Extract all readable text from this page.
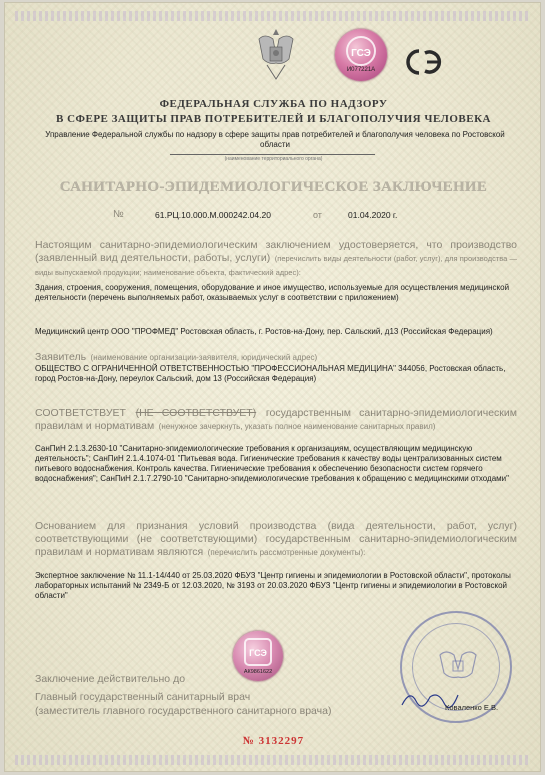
ГСЭ
И077221А
ФЕДЕРАЛЬНАЯ СЛУЖБА ПО НАДЗОРУ
В СФЕРЕ ЗАЩИТЫ ПРАВ ПОТРЕБИТЕЛЕЙ И БЛАГОПОЛУЧИЯ ЧЕЛОВЕКА
Управление Федеральной службы по надзору в сфере защиты прав потребителей и благополучия человека по Ростовской области
(наименование территориального органа)
САНИТАРНО-ЭПИДЕМИОЛОГИЧЕСКОЕ ЗАКЛЮЧЕНИЕ
№	61.РЦ.10.000.М.000242.04.20	от	01.04.2020 г.
Настоящим санитарно-эпидемиологическим заключением удостоверяется, что производство (заявленный вид деятельности, работы, услуги) (перечислить виды деятельности (работ, услуг), для производства — виды выпускаемой продукции; наименование объекта, фактический адрес):
Здания, строения, сооружения, помещения, оборудование и иное имущество, используемые для осуществления медицинской деятельности (перечень выполняемых работ, оказываемых услуг в соответствии с приложением)
Медицинский центр ООО "ПРОФМЕД" Ростовская область, г. Ростов-на-Дону, пер. Сальский, д13 (Российская Федерация)
Заявитель (наименование организации-заявителя, юридический адрес)
ОБЩЕСТВО С ОГРАНИЧЕННОЙ ОТВЕТСТВЕННОСТЬЮ "ПРОФЕССИОНАЛЬНАЯ МЕДИЦИНА" 344056, Ростовская область, город Ростов-на-Дону, переулок Сальский, дом 13 (Российская Федерация)
СООТВЕТСТВУЕТ (НЕ СООТВЕТСТВУЕТ) государственным санитарно-эпидемиологическим правилам и нормативам (ненужное зачеркнуть, указать полное наименование санитарных правил)
СанПиН 2.1.3.2630-10 "Санитарно-эпидемиологические требования к организациям, осуществляющим медицинскую деятельность"; СанПиН 2.1.4.1074-01 "Питьевая вода. Гигиенические требования к качеству воды централизованных систем питьевого водоснабжения. Контроль качества. Гигиенические требования к обеспечению безопасности систем горячего водоснабжения"; СанПиН 2.1.7.2790-10 "Санитарно-эпидемиологические требования к обращению с медицинскими отходами"
Основанием для признания условий производства (вида деятельности, работ, услуг) соответствующими (не соответствующими) государственным санитарно-эпидемиологическим правилам и нормативам являются (перечислить рассмотренные документы):
Экспертное заключение № 11.1-14/440 от 25.03.2020 ФБУЗ "Центр гигиены и эпидемиологии в Ростовской области", протоколы лабораторных испытаний № 2349-Б от 12.03.2020, № 3193 от 20.03.2020 ФБУЗ "Центр гигиены и эпидемиологии в Ростовской области"
ГСЭ
АК9861622
Заключение действительно до
Главный государственный санитарный врач
(заместитель главного государственного санитарного врача)	Коваленко Е.В.
№ 3132297
